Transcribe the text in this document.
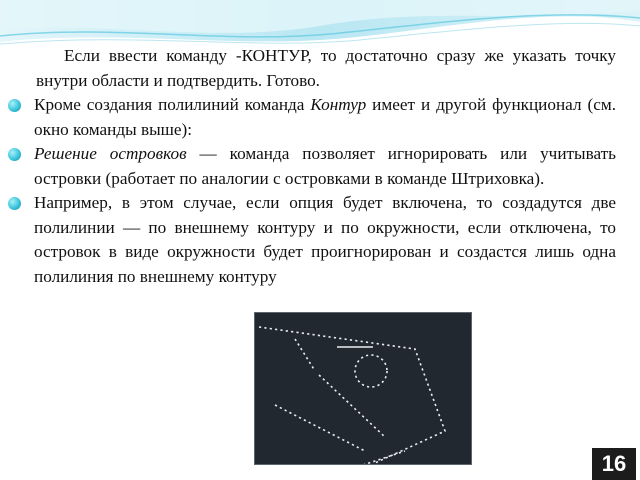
Если ввести команду -КОНТУР, то достаточно сразу же указать точку внутри области и подтвердить. Готово.

Кроме создания полилиний команда Контур имеет и другой функционал (см. окно команды выше):
Решение островков — команда позволяет игнорировать или учитывать островки (работает по аналогии с островками в команде Штриховка).
Например, в этом случае, если опция будет включена, то создадутся две полилинии — по внешнему контуру и по окружности, если отключена, то островок в виде окружности будет проигнорирован и создастся лишь одна полилиния по внешнему контуру
16
